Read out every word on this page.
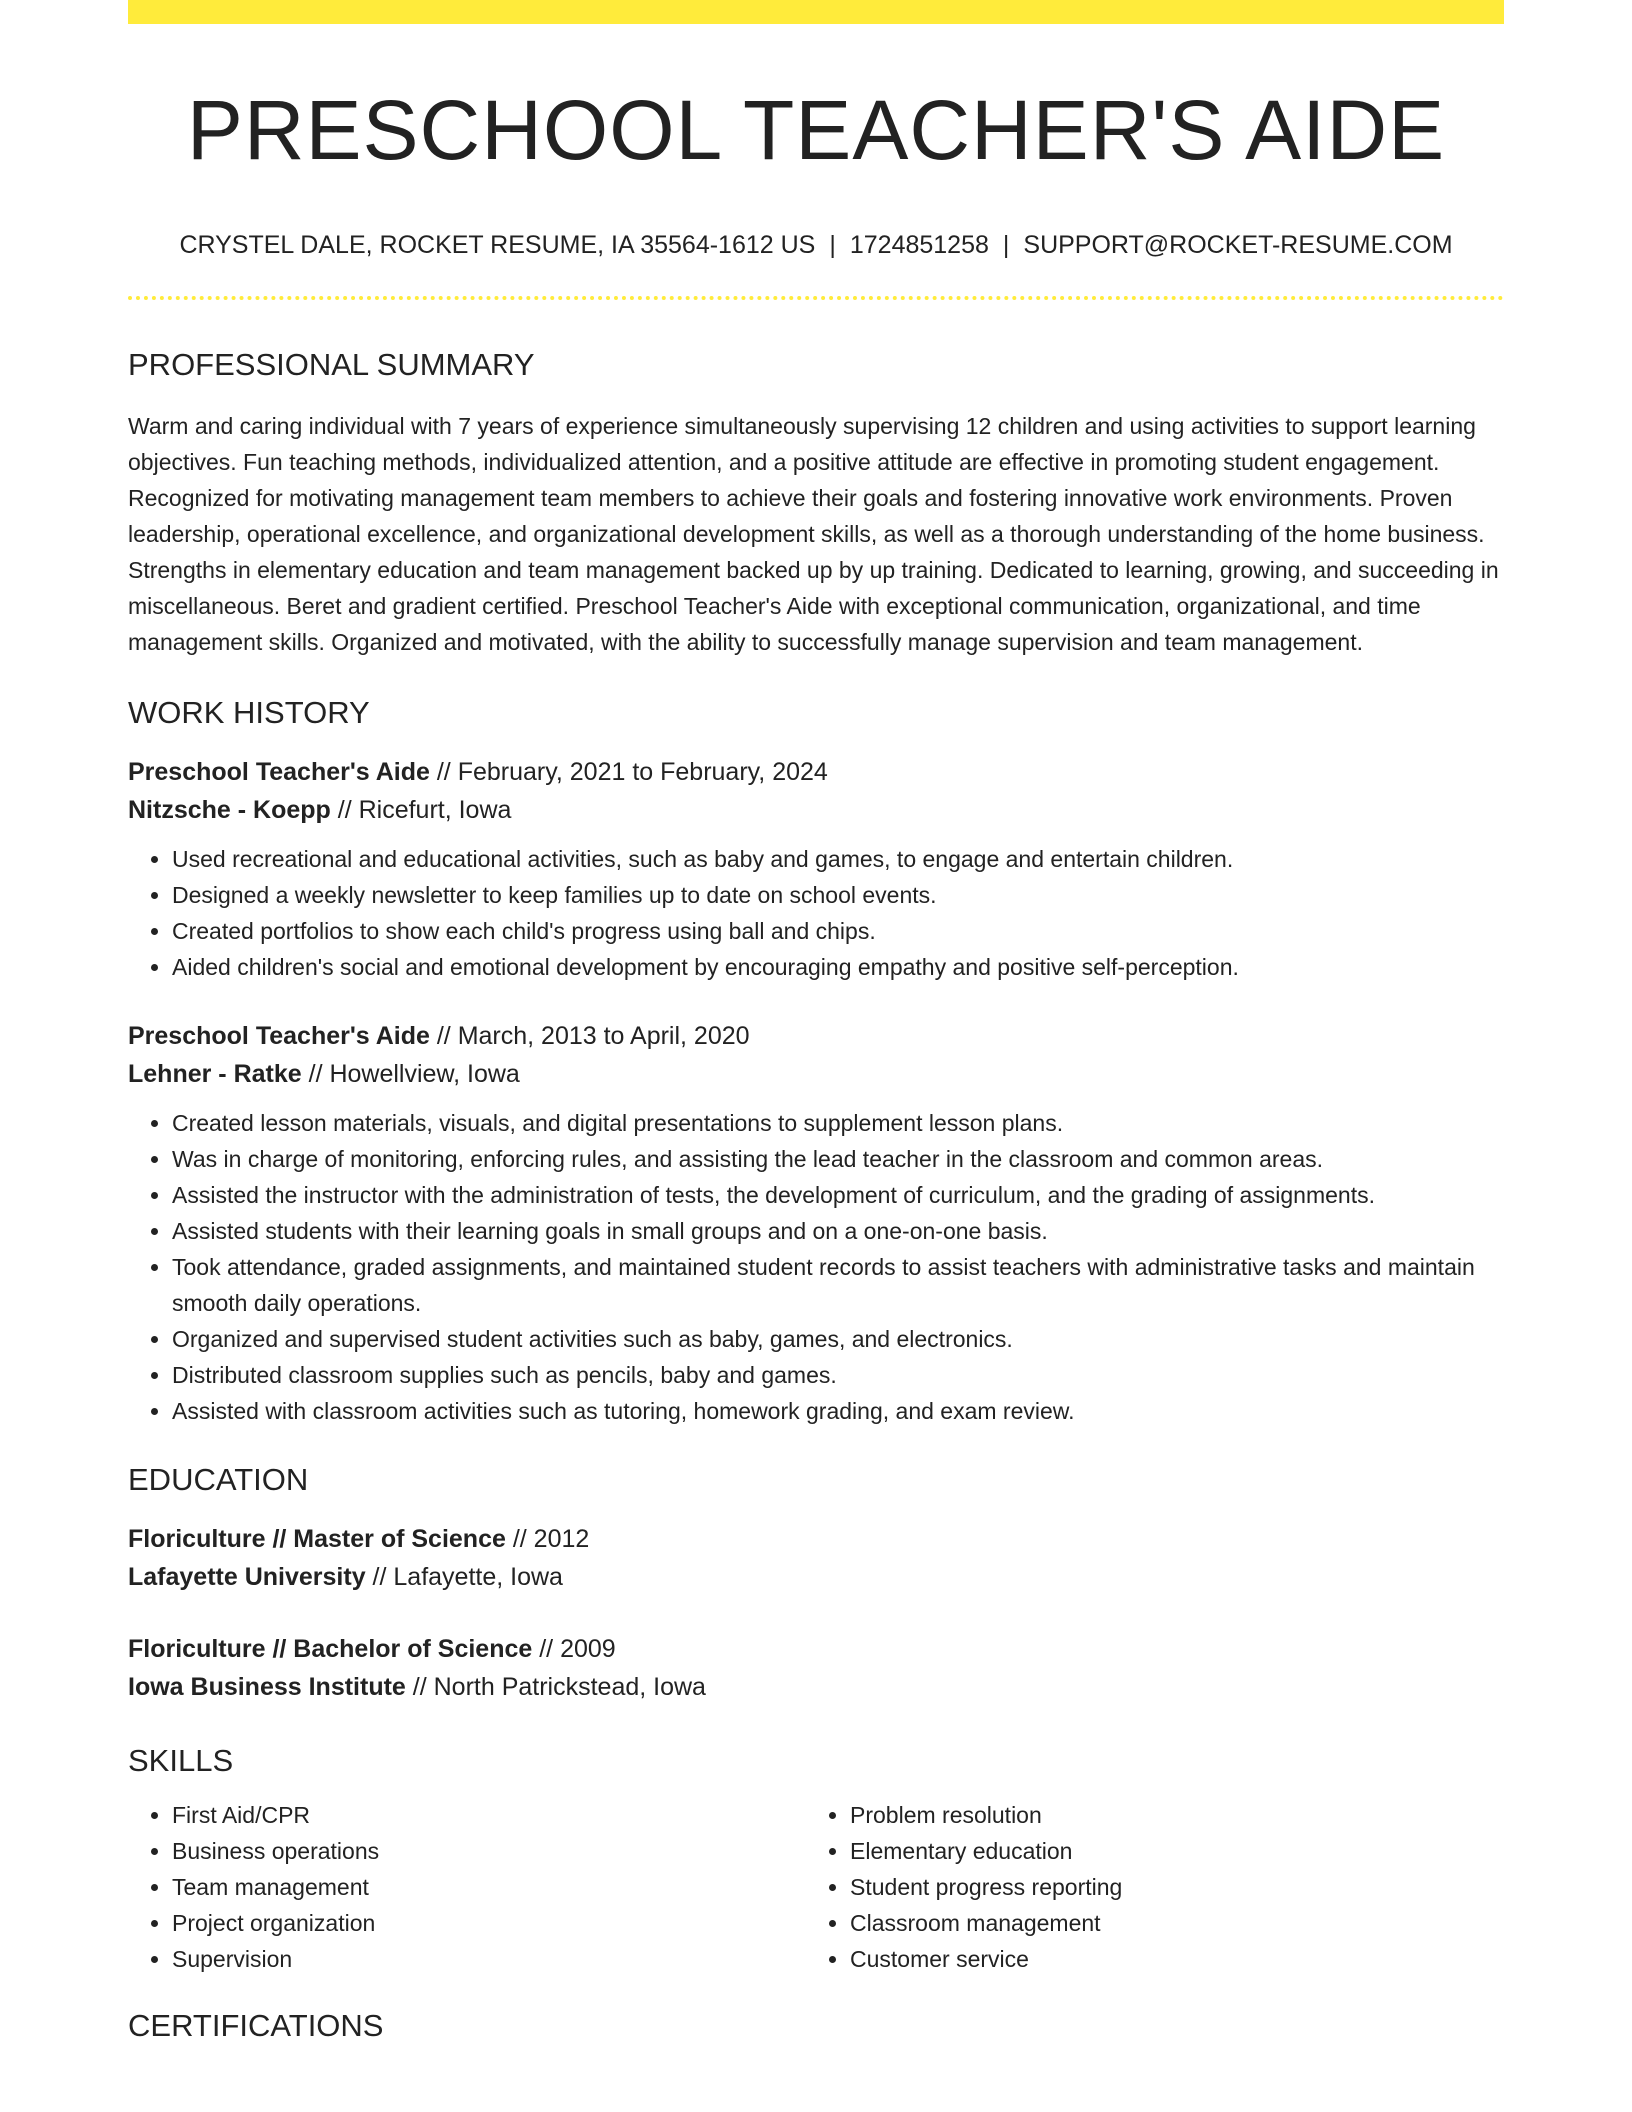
PRESCHOOL TEACHER'S AIDE
CRYSTEL DALE, ROCKET RESUME, IA 35564-1612 US | 1724851258 | SUPPORT@ROCKET-RESUME.COM
PROFESSIONAL SUMMARY

Warm and caring individual with 7 years of experience simultaneously supervising 12 children and using activities to support learning objectives. Fun teaching methods, individualized attention, and a positive attitude are effective in promoting student engagement. Recognized for motivating management team members to achieve their goals and fostering innovative work environments. Proven leadership, operational excellence, and organizational development skills, as well as a thorough understanding of the home business. Strengths in elementary education and team management backed up by up training. Dedicated to learning, growing, and succeeding in miscellaneous. Beret and gradient certified. Preschool Teacher's Aide with exceptional communication, organizational, and time management skills. Organized and motivated, with the ability to successfully manage supervision and team management.

WORK HISTORY
Preschool Teacher's Aide // February, 2021 to February, 2024
Nitzsche - Koepp // Ricefurt, Iowa
• Used recreational and educational activities, such as baby and games, to engage and entertain children.
• Designed a weekly newsletter to keep families up to date on school events.
• Created portfolios to show each child's progress using ball and chips.
• Aided children's social and emotional development by encouraging empathy and positive self-perception.
Preschool Teacher's Aide // March, 2013 to April, 2020
Lehner - Ratke // Howellview, Iowa
• Created lesson materials, visuals, and digital presentations to supplement lesson plans.
• Was in charge of monitoring, enforcing rules, and assisting the lead teacher in the classroom and common areas.
• Assisted the instructor with the administration of tests, the development of curriculum, and the grading of assignments.
• Assisted students with their learning goals in small groups and on a one-on-one basis.
• Took attendance, graded assignments, and maintained student records to assist teachers with administrative tasks and maintain smooth daily operations.
• Organized and supervised student activities such as baby, games, and electronics.
• Distributed classroom supplies such as pencils, baby and games.
• Assisted with classroom activities such as tutoring, homework grading, and exam review.
EDUCATION
Floriculture // Master of Science // 2012
Lafayette University // Lafayette, Iowa
Floriculture // Bachelor of Science // 2009
Iowa Business Institute // North Patrickstead, Iowa
SKILLS
• First Aid/CPR
• Business operations
• Team management
• Project organization
• Supervision
• Problem resolution
• Elementary education
• Student progress reporting
• Classroom management
• Customer service
CERTIFICATIONS
